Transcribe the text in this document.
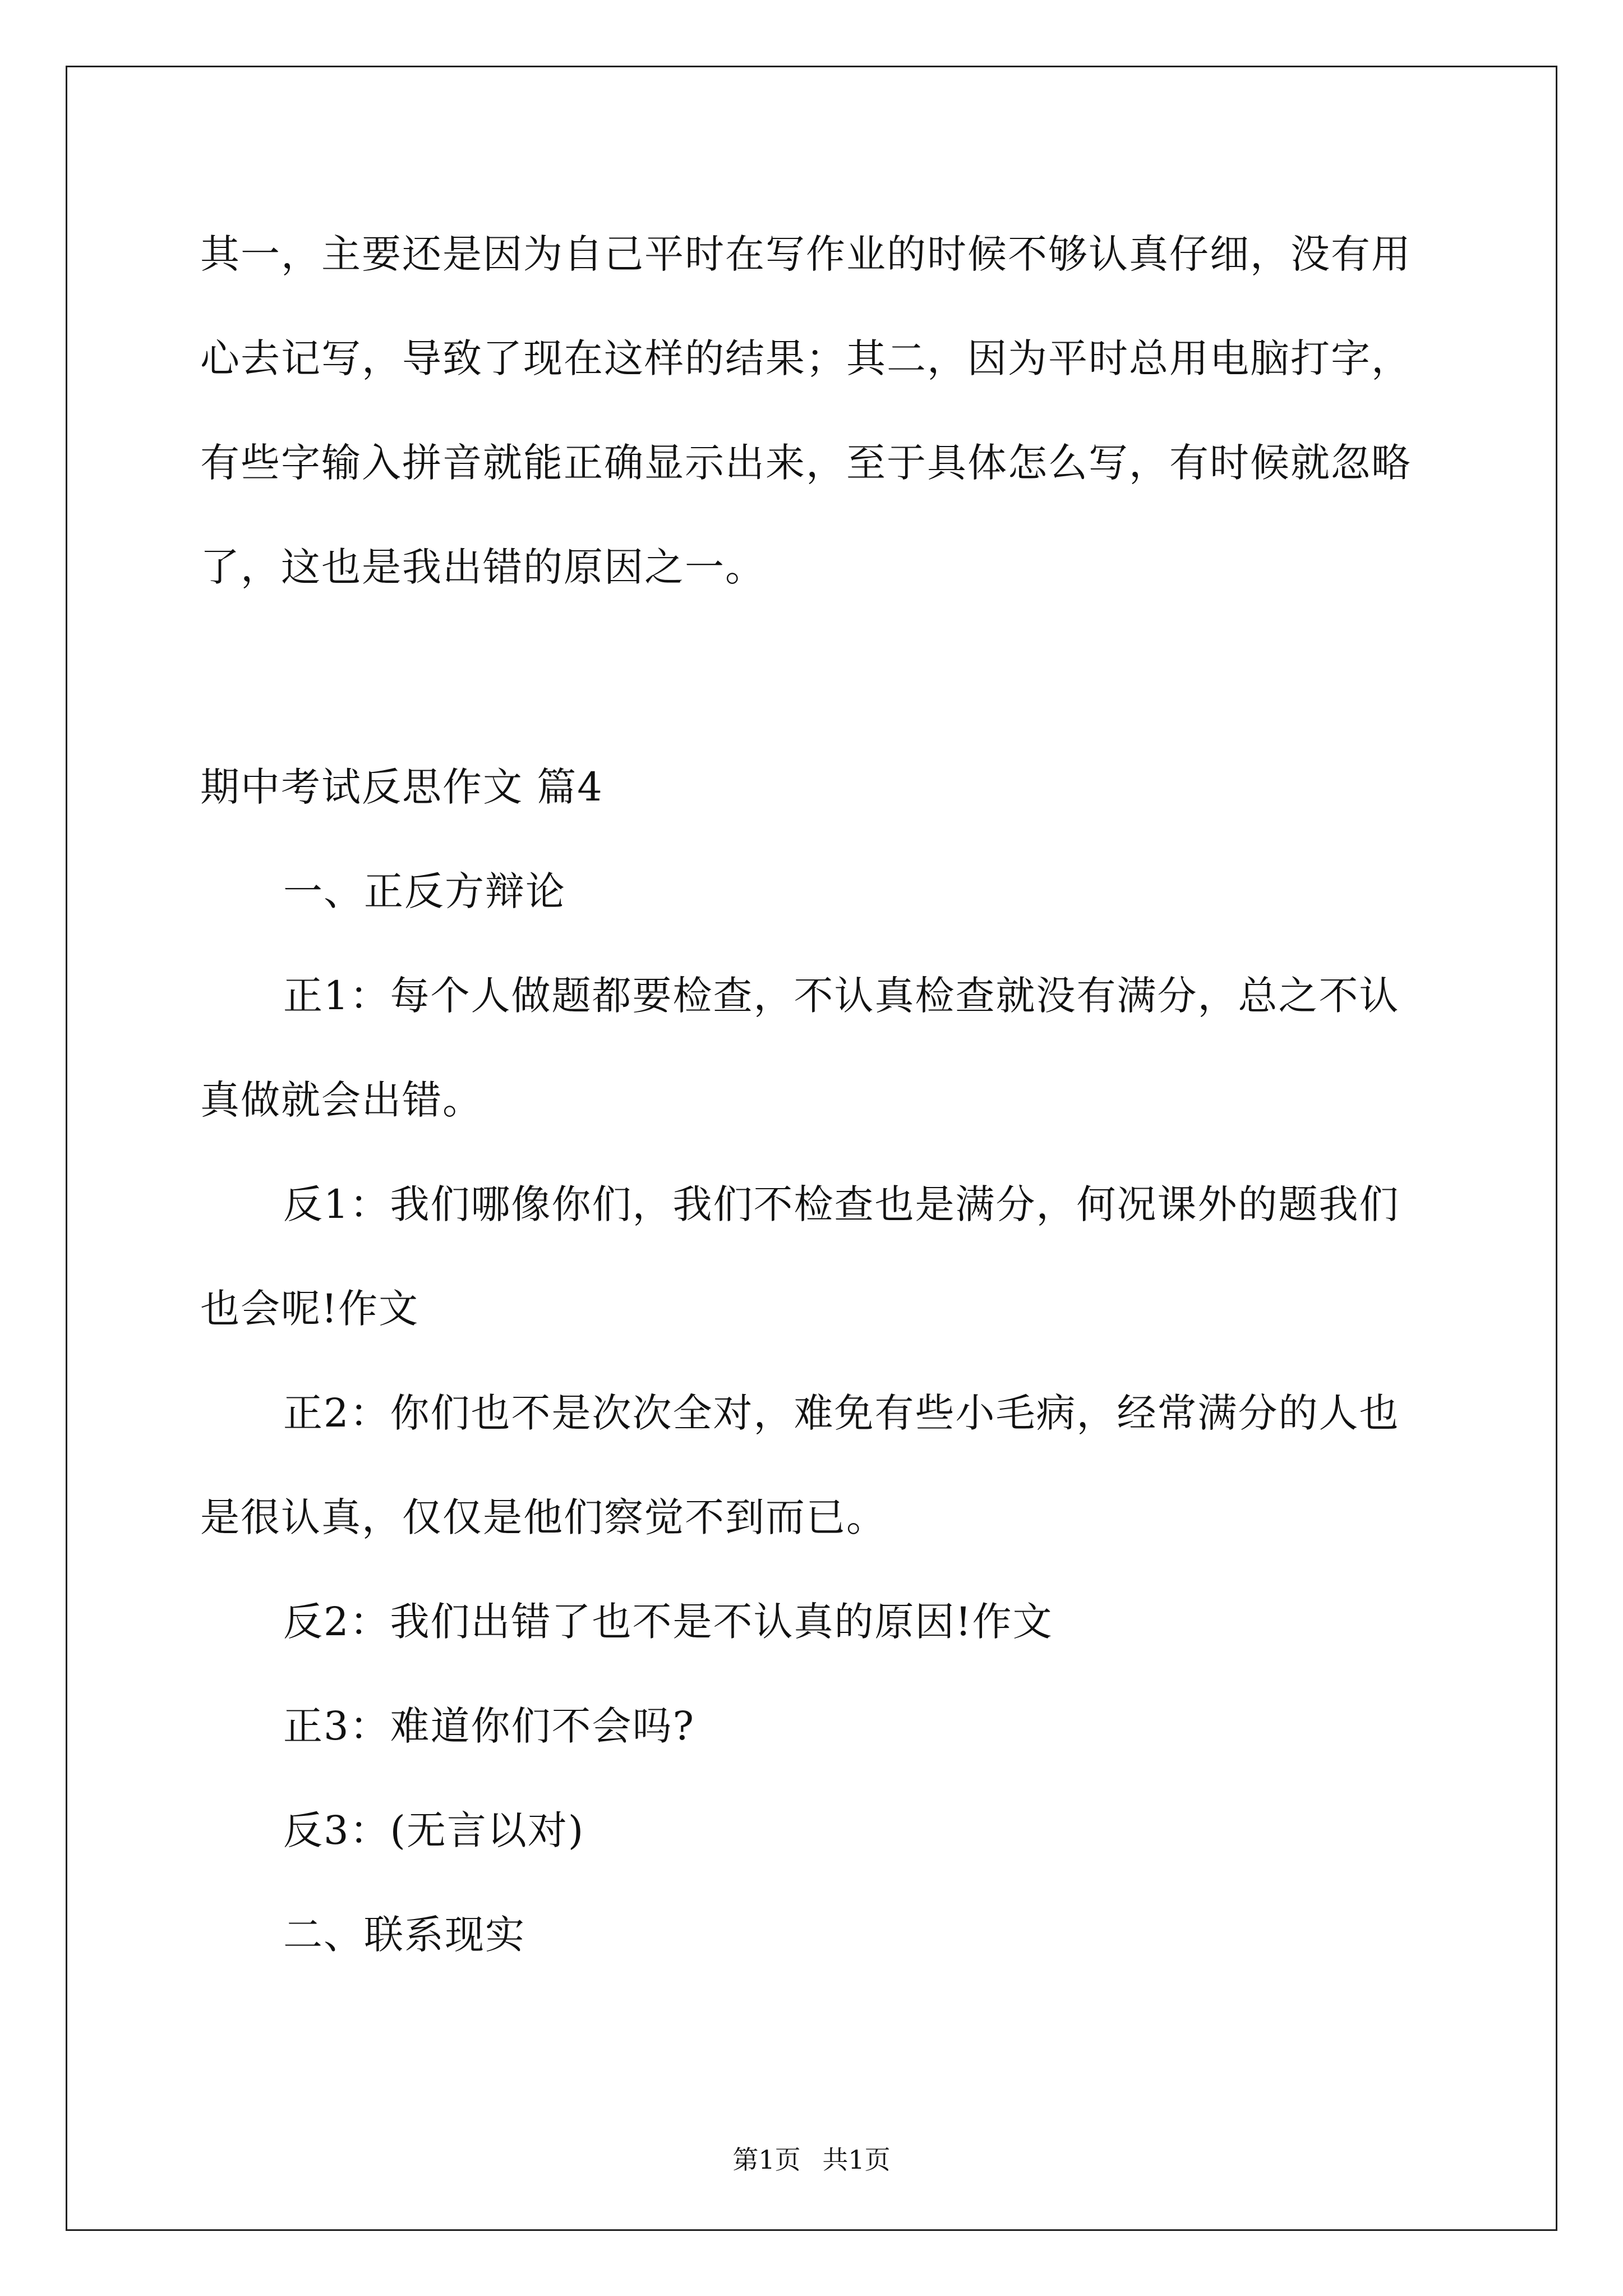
其一，主要还是因为自己平时在写作业的时候不够认真仔细，没有用心去记写，导致了现在这样的结果；其二，因为平时总用电脑打字，有些字输入拼音就能正确显示出来，至于具体怎么写，有时候就忽略了，这也是我出错的原因之一。

期中考试反思作文 篇4

一、正反方辩论

正1：每个人做题都要检查，不认真检查就没有满分，总之不认真做就会出错。

反1：我们哪像你们，我们不检查也是满分，何况课外的题我们也会呢!作文

正2：你们也不是次次全对，难免有些小毛病，经常满分的人也是很认真，仅仅是他们察觉不到而已。

反2：我们出错了也不是不认真的原因!作文

正3：难道你们不会吗?

反3：(无言以对)

二、联系现实

第1页 共1页
